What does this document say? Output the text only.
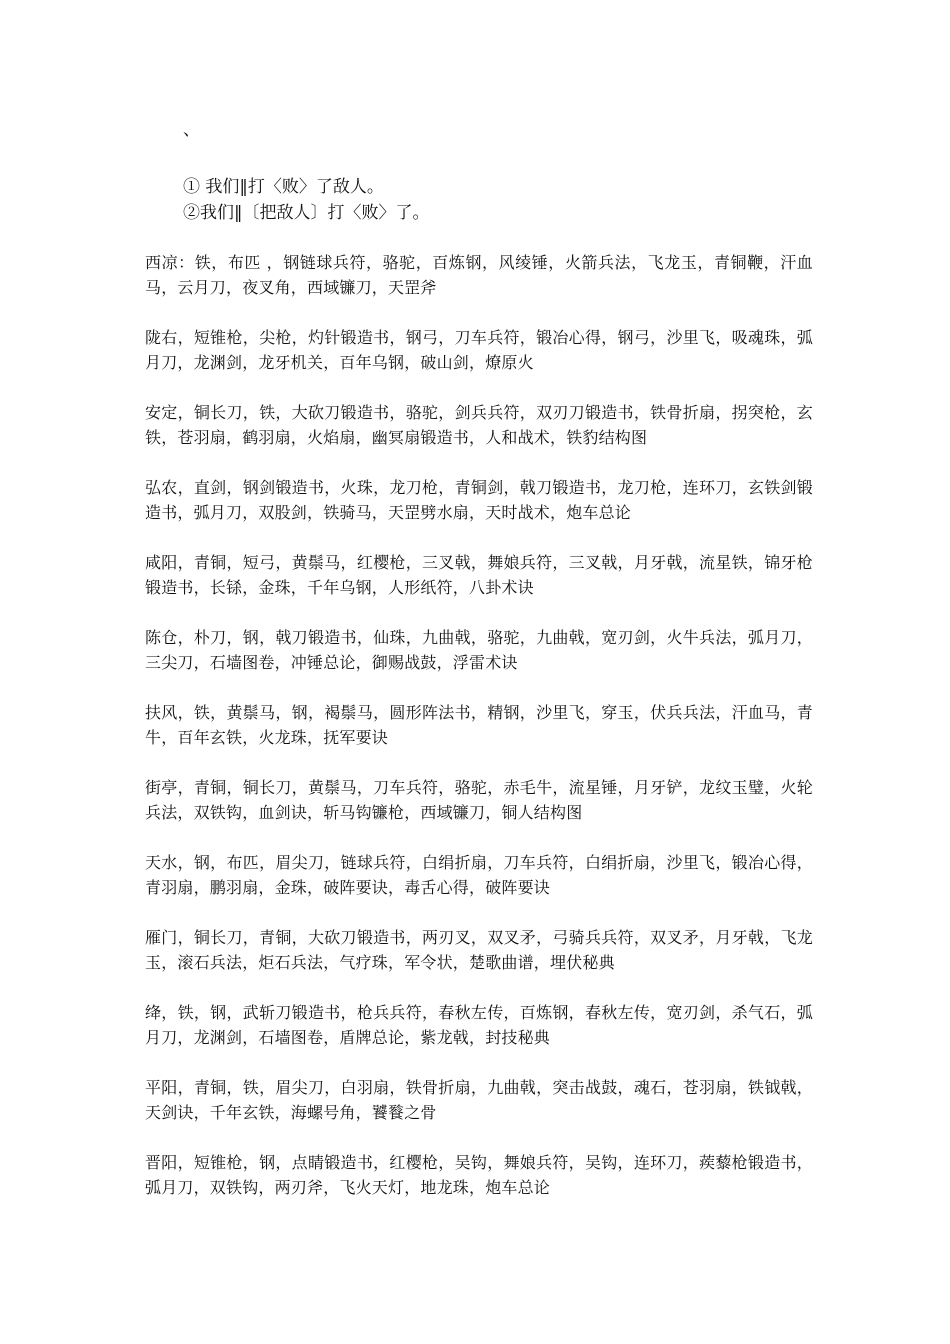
、
① 我们‖打〈败〉了敌人。
②我们‖〔把敌人〕打〈败〉了。

西凉：铁，布匹 ，钢链球兵符，骆驼，百炼钢，风绫锤，火箭兵法，飞龙玉，青铜鞭，汗血马，云月刀，夜叉角，西域镰刀，天罡斧

陇右，短锥枪，尖枪，灼针锻造书，钢弓，刀车兵符，锻冶心得，钢弓，沙里飞，吸魂珠，弧月刀，龙渊剑，龙牙机关，百年乌钢，破山剑，燎原火

安定，铜长刀，铁，大砍刀锻造书，骆驼，剑兵兵符，双刃刀锻造书，铁骨折扇，拐突枪，玄铁，苍羽扇，鹤羽扇，火焰扇，幽冥扇锻造书，人和战术，铁豹结构图

弘农，直剑，钢剑锻造书，火珠，龙刀枪，青铜剑，戟刀锻造书，龙刀枪，连环刀，玄铁剑锻造书，弧月刀，双股剑，铁骑马，天罡劈水扇，天时战术，炮车总论

咸阳，青铜，短弓，黄鬃马，红樱枪，三叉戟，舞娘兵符，三叉戟，月牙戟，流星铁，锦牙枪锻造书，长铩，金珠，千年乌钢，人形纸符，八卦术诀

陈仓，朴刀，钢，戟刀锻造书，仙珠，九曲戟，骆驼，九曲戟，宽刃剑，火牛兵法，弧月刀，三尖刀，石墙图卷，冲锤总论，御赐战鼓，浮雷术诀

扶风，铁，黄鬃马，钢，褐鬃马，圆形阵法书，精钢，沙里飞，穿玉，伏兵兵法，汗血马，青牛，百年玄铁，火龙珠，抚军要诀

街亭，青铜，铜长刀，黄鬃马，刀车兵符，骆驼，赤毛牛，流星锤，月牙铲，龙纹玉璧，火轮兵法，双铁钩，血剑诀，斩马钩镰枪，西域镰刀，铜人结构图

天水，钢，布匹，眉尖刀，链球兵符，白绢折扇，刀车兵符，白绢折扇，沙里飞，锻冶心得，青羽扇，鹏羽扇，金珠，破阵要诀，毒舌心得，破阵要诀

雁门，铜长刀，青铜，大砍刀锻造书，两刃叉，双叉矛，弓骑兵兵符，双叉矛，月牙戟，飞龙玉，滚石兵法，炬石兵法，气疗珠，军令状，楚歌曲谱，埋伏秘典

绛，铁，钢，武斩刀锻造书，枪兵兵符，春秋左传，百炼钢，春秋左传，宽刃剑，杀气石，弧月刀，龙渊剑，石墙图卷，盾牌总论，紫龙戟，封技秘典

平阳，青铜，铁，眉尖刀，白羽扇，铁骨折扇，九曲戟，突击战鼓，魂石，苍羽扇，铁钺戟，天剑诀，千年玄铁，海螺号角，饕餮之骨

晋阳，短锥枪，钢，点睛锻造书，红樱枪，吴钩，舞娘兵符，吴钩，连环刀，蒺藜枪锻造书，弧月刀，双铁钩，两刃斧，飞火天灯，地龙珠，炮车总论
